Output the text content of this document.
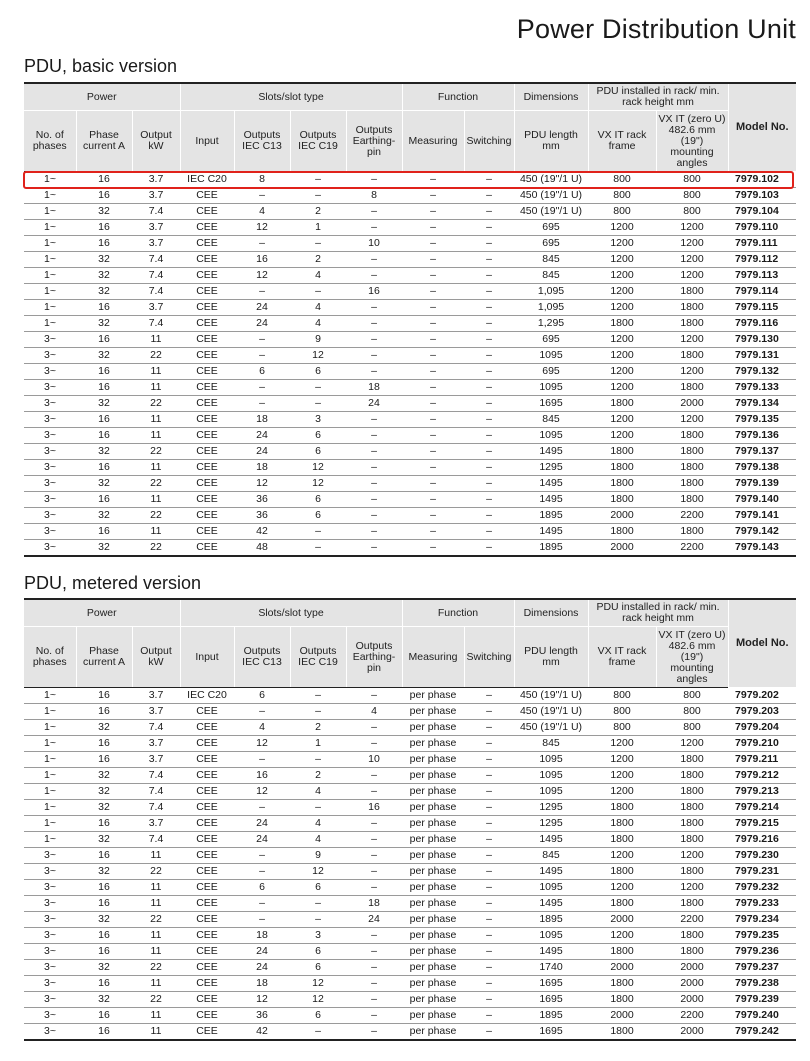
Power Distribution Unit
PDU, basic version
Power			Slots/slot type				Function		Dimensions	PDU installed in rack/ min. rack height mm		Model No.
No. of phases	Phase current A	Output kW	Input	Outputs IEC C13	Outputs IEC C19	Outputs Earthing-pin	Measuring	Switching	PDU length mm	VX IT rack frame	VX IT (zero U) 482.6 mm (19") mounting angles	
1~	16	3.7	IEC C20	8	–	–	–	–	450 (19"/1 U)	800	800	7979.102
1~	16	3.7	CEE	–	–	8	–	–	450 (19"/1 U)	800	800	7979.103
1~	32	7.4	CEE	4	2	–	–	–	450 (19"/1 U)	800	800	7979.104
1~	16	3.7	CEE	12	1	–	–	–	695	1200	1200	7979.110
1~	16	3.7	CEE	–	–	10	–	–	695	1200	1200	7979.111
1~	32	7.4	CEE	16	2	–	–	–	845	1200	1200	7979.112
1~	32	7.4	CEE	12	4	–	–	–	845	1200	1200	7979.113
1~	32	7.4	CEE	–	–	16	–	–	1,095	1200	1800	7979.114
1~	16	3.7	CEE	24	4	–	–	–	1,095	1200	1800	7979.115
1~	32	7.4	CEE	24	4	–	–	–	1,295	1800	1800	7979.116
3~	16	11	CEE	–	9	–	–	–	695	1200	1200	7979.130
3~	32	22	CEE	–	12	–	–	–	1095	1200	1800	7979.131
3~	16	11	CEE	6	6	–	–	–	695	1200	1200	7979.132
3~	16	11	CEE	–	–	18	–	–	1095	1200	1800	7979.133
3~	32	22	CEE	–	–	24	–	–	1695	1800	2000	7979.134
3~	16	11	CEE	18	3	–	–	–	845	1200	1200	7979.135
3~	16	11	CEE	24	6	–	–	–	1095	1200	1800	7979.136
3~	32	22	CEE	24	6	–	–	–	1495	1800	1800	7979.137
3~	16	11	CEE	18	12	–	–	–	1295	1800	1800	7979.138
3~	32	22	CEE	12	12	–	–	–	1495	1800	1800	7979.139
3~	16	11	CEE	36	6	–	–	–	1495	1800	1800	7979.140
3~	32	22	CEE	36	6	–	–	–	1895	2000	2200	7979.141
3~	16	11	CEE	42	–	–	–	–	1495	1800	1800	7979.142
3~	32	22	CEE	48	–	–	–	–	1895	2000	2200	7979.143
PDU, metered version
Power			Slots/slot type				Function		Dimensions	PDU installed in rack/ min. rack height mm		Model No.
No. of phases	Phase current A	Output kW	Input	Outputs IEC C13	Outputs IEC C19	Outputs Earthing-pin	Measuring	Switching	PDU length mm	VX IT rack frame	VX IT (zero U) 482.6 mm (19") mounting angles	
1~	16	3.7	IEC C20	6	–	–	per phase	–	450 (19"/1 U)	800	800	7979.202
1~	16	3.7	CEE	–	–	4	per phase	–	450 (19"/1 U)	800	800	7979.203
1~	32	7.4	CEE	4	2	–	per phase	–	450 (19"/1 U)	800	800	7979.204
1~	16	3.7	CEE	12	1	–	per phase	–	845	1200	1200	7979.210
1~	16	3.7	CEE	–	–	10	per phase	–	1095	1200	1800	7979.211
1~	32	7.4	CEE	16	2	–	per phase	–	1095	1200	1800	7979.212
1~	32	7.4	CEE	12	4	–	per phase	–	1095	1200	1800	7979.213
1~	32	7.4	CEE	–	–	16	per phase	–	1295	1800	1800	7979.214
1~	16	3.7	CEE	24	4	–	per phase	–	1295	1800	1800	7979.215
1~	32	7.4	CEE	24	4	–	per phase	–	1495	1800	1800	7979.216
3~	16	11	CEE	–	9	–	per phase	–	845	1200	1200	7979.230
3~	32	22	CEE	–	12	–	per phase	–	1495	1800	1800	7979.231
3~	16	11	CEE	6	6	–	per phase	–	1095	1200	1200	7979.232
3~	16	11	CEE	–	–	18	per phase	–	1495	1800	1800	7979.233
3~	32	22	CEE	–	–	24	per phase	–	1895	2000	2200	7979.234
3~	16	11	CEE	18	3	–	per phase	–	1095	1200	1800	7979.235
3~	16	11	CEE	24	6	–	per phase	–	1495	1800	1800	7979.236
3~	32	22	CEE	24	6	–	per phase	–	1740	2000	2000	7979.237
3~	16	11	CEE	18	12	–	per phase	–	1695	1800	2000	7979.238
3~	32	22	CEE	12	12	–	per phase	–	1695	1800	2000	7979.239
3~	16	11	CEE	36	6	–	per phase	–	1895	2000	2200	7979.240
3~	16	11	CEE	42	–	–	per phase	–	1695	1800	2000	7979.242
